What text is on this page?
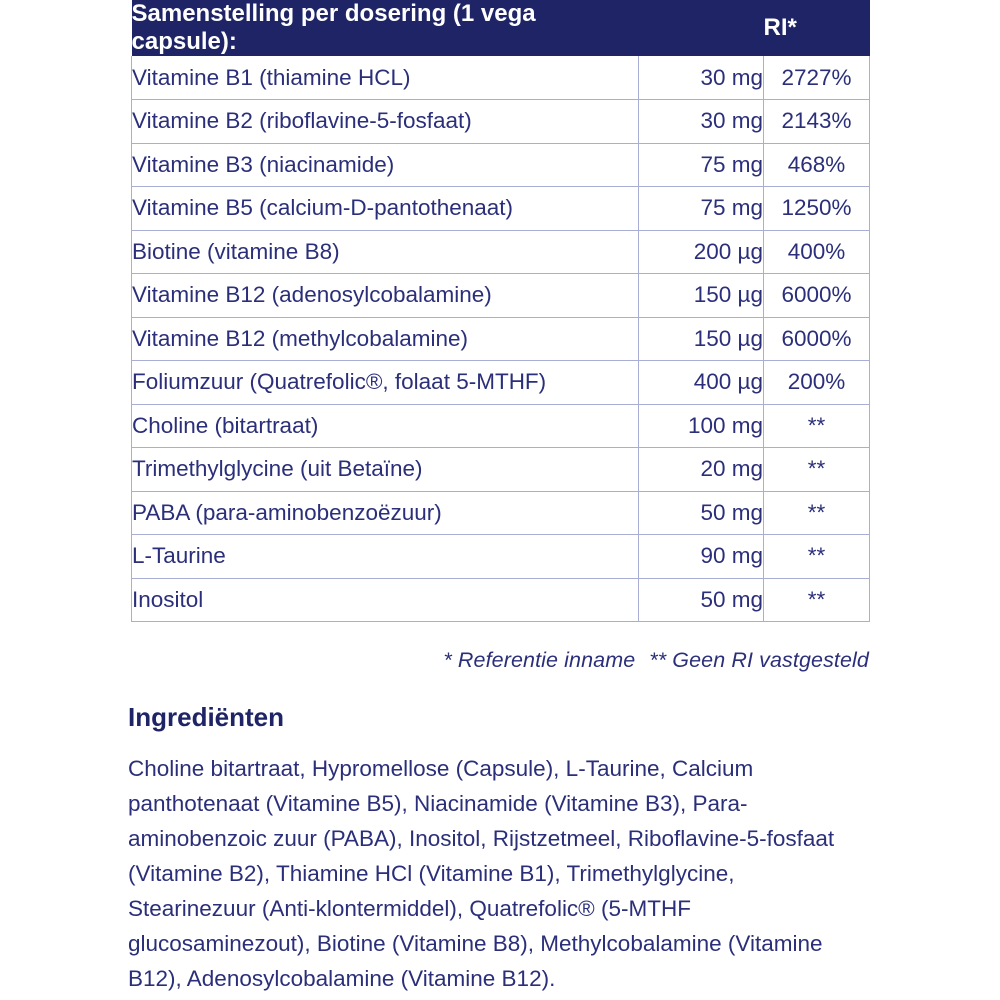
Samenstelling per dosering (1 vega capsule):		RI*
Vitamine B1 (thiamine HCL)	30 mg	2727%
Vitamine B2 (riboflavine-5-fosfaat)	30 mg	2143%
Vitamine B3 (niacinamide)	75 mg	468%
Vitamine B5 (calcium-D-pantothenaat)	75 mg	1250%
Biotine (vitamine B8)	200 µg	400%
Vitamine B12 (adenosylcobalamine)	150 µg	6000%
Vitamine B12 (methylcobalamine)	150 µg	6000%
Foliumzuur (Quatrefolic®, folaat 5-MTHF)	400 µg	200%
Choline (bitartraat)	100 mg	**
Trimethylglycine (uit Betaïne)	20 mg	**
PABA (para-aminobenzoëzuur)	50 mg	**
L-Taurine	90 mg	**
Inositol	50 mg	**
* Referentie inname ** Geen RI vastgesteld
Ingrediënten
Choline bitartraat, Hypromellose (Capsule), L-Taurine, Calcium panthotenaat (Vitamine B5), Niacinamide (Vitamine B3), Para-aminobenzoic zuur (PABA), Inositol, Rijstzetmeel, Riboflavine-5-fosfaat (Vitamine B2), Thiamine HCl (Vitamine B1), Trimethylglycine, Stearinezuur (Anti-klontermiddel), Quatrefolic® (5-MTHF glucosaminezout), Biotine (Vitamine B8), Methylcobalamine (Vitamine B12), Adenosylcobalamine (Vitamine B12).
